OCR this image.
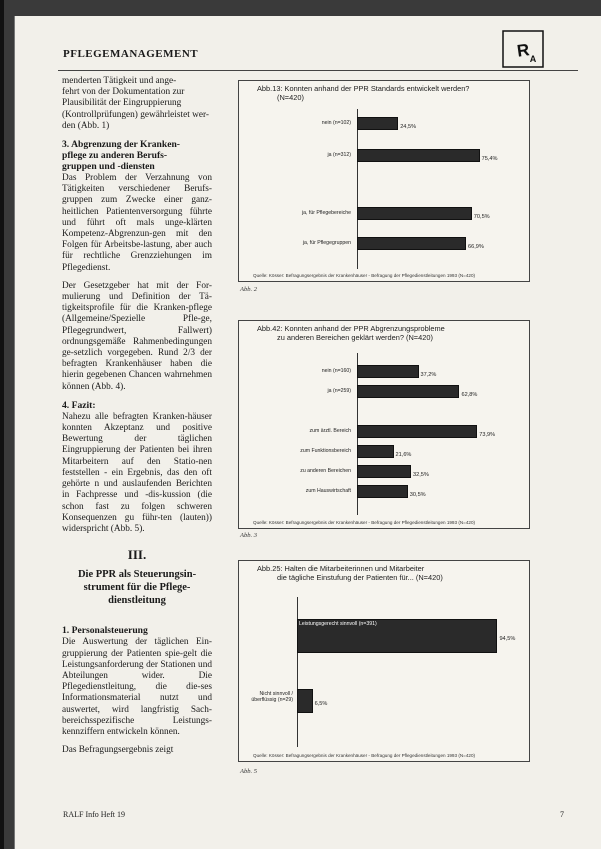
PFLEGEMANAGEMENT	R A

menderten Tätigkeit und ange-
fehrt von der Dokumentation zur
Plausibilität der Eingruppierung
(Kontrollprüfungen) gewährleistet wer-
den (Abb. 1)

3. Abgrenzung der Kranken-
pflege zu anderen Berufs-
gruppen und -diensten

Das Problem der Verzahnung von Tätigkeiten verschiedener Berufs-gruppen zum Zwecke einer ganz-heitlichen Patientenversorgung führte und führt oft mals unge-klärten Kompetenz-Abgrenzun-gen mit den Folgen für Arbeitsbe-lastung, aber auch für rechtliche Grenzziehungen im Pflegedienst.

Der Gesetzgeber hat mit der For-mulierung und Definition der Tä-tigkeitsprofile für die Kranken-pflege (Allgemeine/Spezielle Pfle-ge, Pflegegrundwert, Fallwert) ordnungsgemäße Rahmenbedingungen ge-setzlich vorgegeben. Rund 2/3 der befragten Krankenhäuser haben die hierin gegebenen Chancen wahrnehmen können (Abb. 4).

4. Fazit:

Nahezu alle befragten Kranken-häuser konnten Akzeptanz und positive Bewertung der täglichen Eingruppierung der Patienten bei ihren Mitarbeitern auf den Statio-nen feststellen - ein Ergebnis, das den oft gehörte n und auslaufenden Berichten in Fachpresse und -dis-kussion (die schon fast zu folgen schweren Konsequenzen gu führ-ten (lauten)) widerspricht (Abb. 5).

III.
Die PPR als Steuerungsin-
strument für die Pflege-
dienstleitung
1. Personalsteuerung

Die Auswertung der täglichen Ein-gruppierung der Patienten spie-gelt die Leistungsanforderung der Stationen und Abteilungen wider. Die Pflegedienstleitung, die die-ses Informationsmaterial nutzt und auswertet, wird langfristig Sach-bereichsspezifische Leistungs-kennziffern entwickeln können.

Das Befragungsergebnis zeigt

Abb.13: Konnten anhand der PPR Standards entwickelt werden?
(N=420)
Quelle: Kösser: Befragungsergebnis der Krankenhäuser - Befragung der Pflegedienstleitungen 1993 (N=420)
nein (n=102)
24,5%
ja (n=312)
75,4%
ja, für Pflegebereiche
70,5%
ja, für Pflegegruppen
66,9%
Abb. 2
Abb.42: Konnten anhand der PPR Abgrenzungsprobleme
zu anderen Bereichen geklärt werden? (N=420)
Quelle: Kösser: Befragungsergebnis der Krankenhäuser - Befragung der Pflegedienstleitungen 1993 (N=420)
nein (n=160)
37,2%
ja (n=259)
62,8%
zum ärztl. Bereich
73,9%
zum Funktionsbereich
21,6%
zu anderen Bereichen
32,5%
zum Hauswirtschaft
30,5%
Abb. 3
Abb.25: Halten die Mitarbeiterinnen und Mitarbeiter
die tägliche Einstufung der Patienten für... (N=420)
Quelle: Kösser: Befragungsergebnis der Krankenhäuser - Befragung der Pflegedienstleitungen 1993 (N=420)
Leistungsgerecht sinnvoll (n=391)
94,5%
Nicht sinnvoll / überflüssig (n=29)
6,5%
Abb. 5
RALF Info Heft 19	7
